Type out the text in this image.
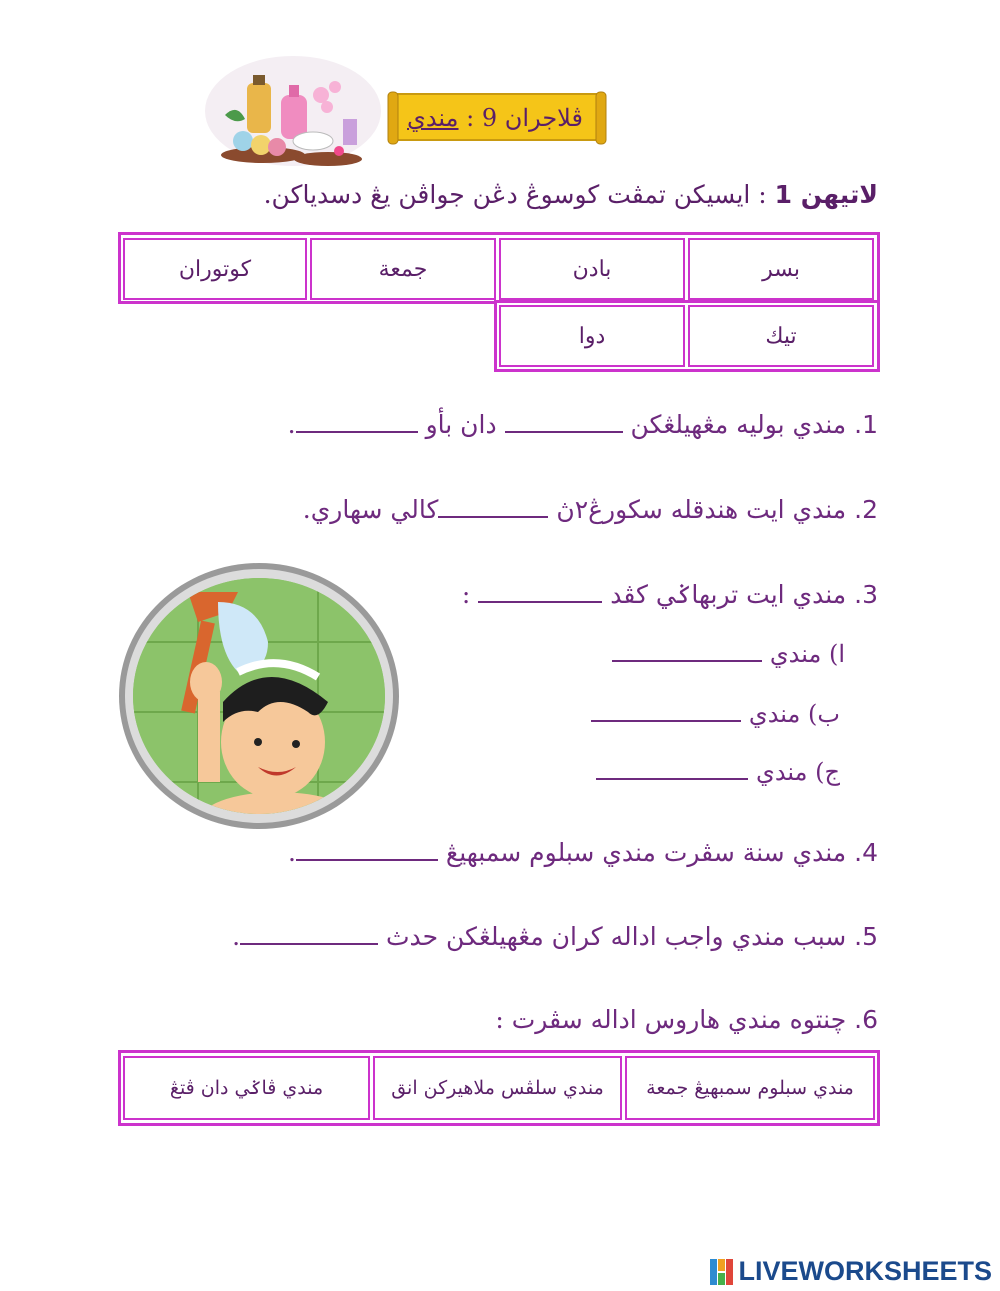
ڤلاجران 9 : مندي
لاتيهن 1 : ايسيكن تمڤت كوسوڠ دڠن جواڤن يڠ دسدياكن.
بسر
بادن
جمعة
كوتوران
تيك
دوا
1. مندي بوليه مڠهيلڠكن  دان بأو .
2. مندي ايت هندقله سكورڠ٢ڽ كالي سهاري.
3. مندي ايت تربهاݢي كڤد  :
ا) مندي
ب) مندي
ج) مندي
4. مندي سنة سڤرت مندي سبلوم سمبهيڠ .
5. سبب مندي واجب اداله كران مڠهيلڠكن حدث .
6. چنتوه مندي هاروس اداله سڤرت :
مندي سبلوم سمبهيڠ جمعة
مندي سلڤس ملاهيركن انق
مندي ڤاݢي دان ڤتڠ
LIVEWORKSHEETS
